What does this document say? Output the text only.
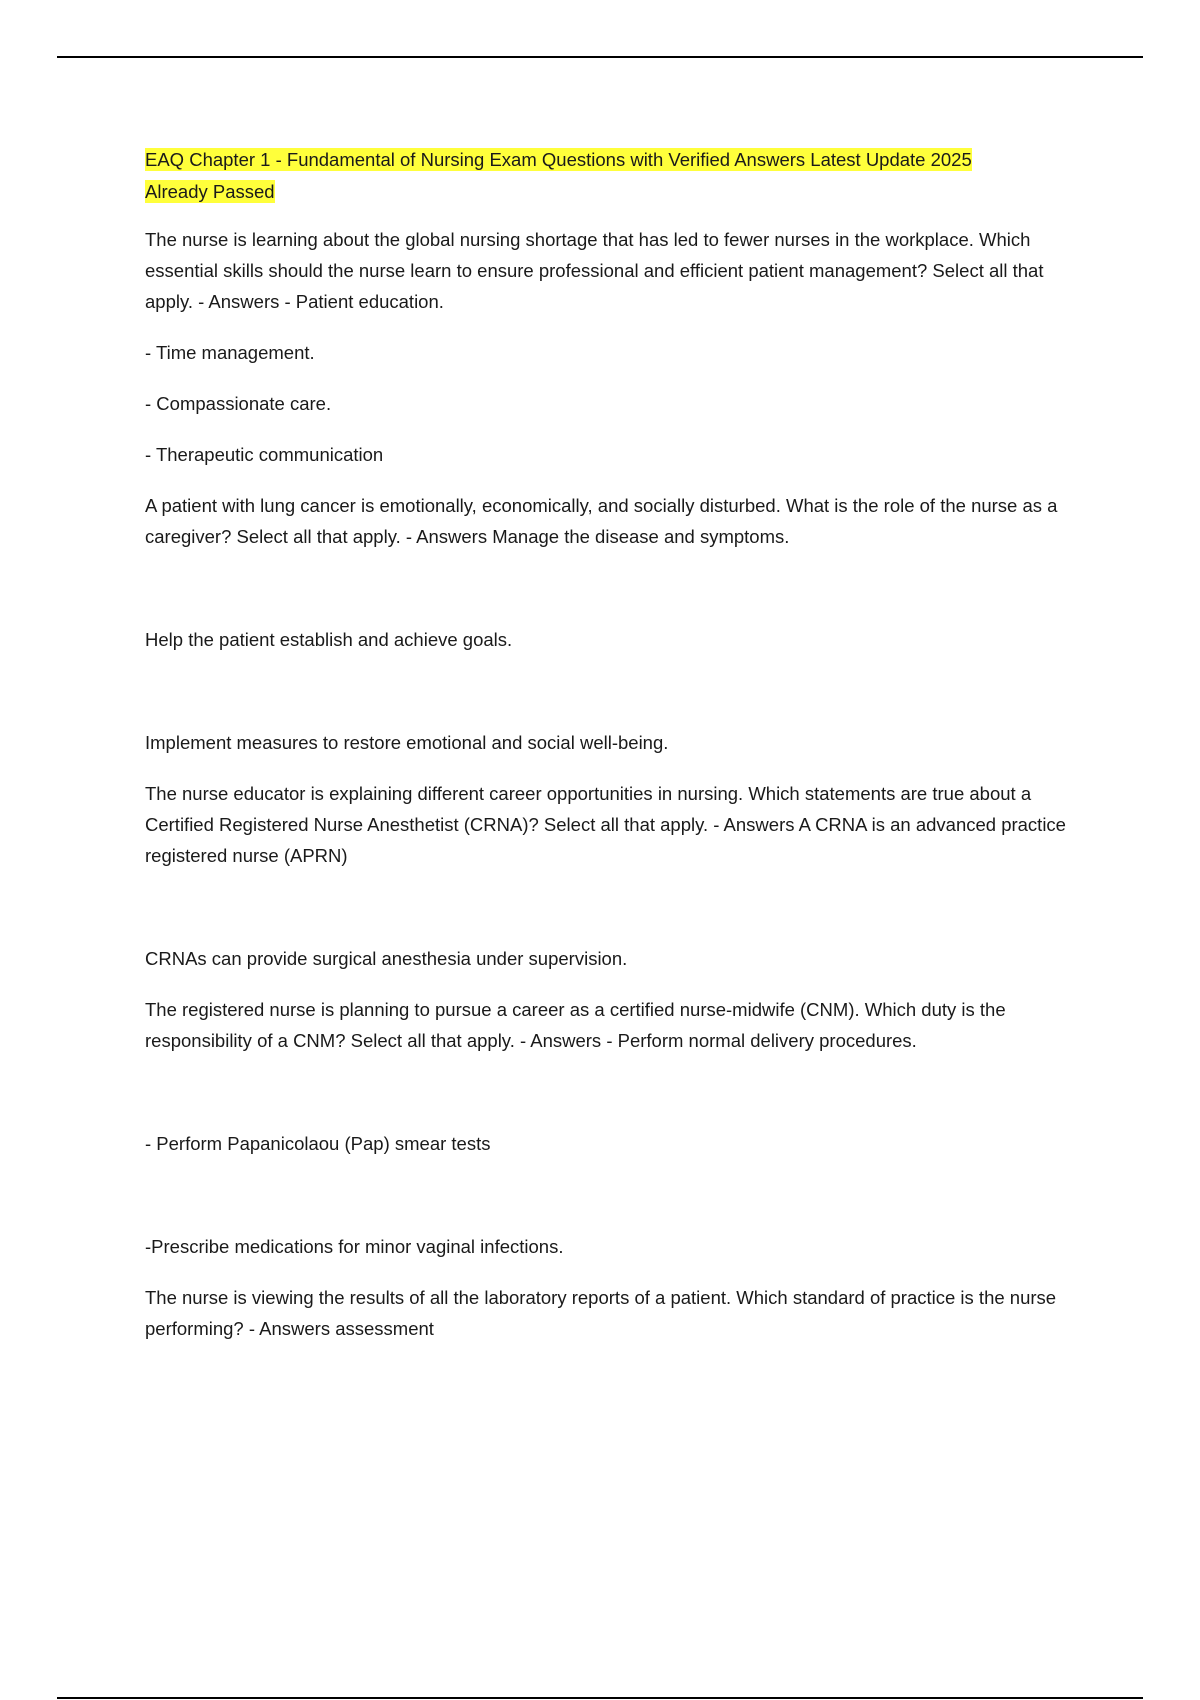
EAQ Chapter 1 - Fundamental of Nursing Exam Questions with Verified Answers Latest Update 2025
Already Passed

The nurse is learning about the global nursing shortage that has led to fewer nurses in the workplace. Which essential skills should the nurse learn to ensure professional and efficient patient management? Select all that apply. - Answers - Patient education.

- Time management.

- Compassionate care.

- Therapeutic communication

A patient with lung cancer is emotionally, economically, and socially disturbed. What is the role of the nurse as a caregiver? Select all that apply. - Answers Manage the disease and symptoms.

Help the patient establish and achieve goals.

Implement measures to restore emotional and social well-being.

The nurse educator is explaining different career opportunities in nursing. Which statements are true about a Certified Registered Nurse Anesthetist (CRNA)? Select all that apply. - Answers A CRNA is an advanced practice registered nurse (APRN)

CRNAs can provide surgical anesthesia under supervision.

The registered nurse is planning to pursue a career as a certified nurse-midwife (CNM). Which duty is the responsibility of a CNM? Select all that apply. - Answers - Perform normal delivery procedures.

- Perform Papanicolaou (Pap) smear tests

-Prescribe medications for minor vaginal infections.

The nurse is viewing the results of all the laboratory reports of a patient. Which standard of practice is the nurse performing? - Answers assessment
